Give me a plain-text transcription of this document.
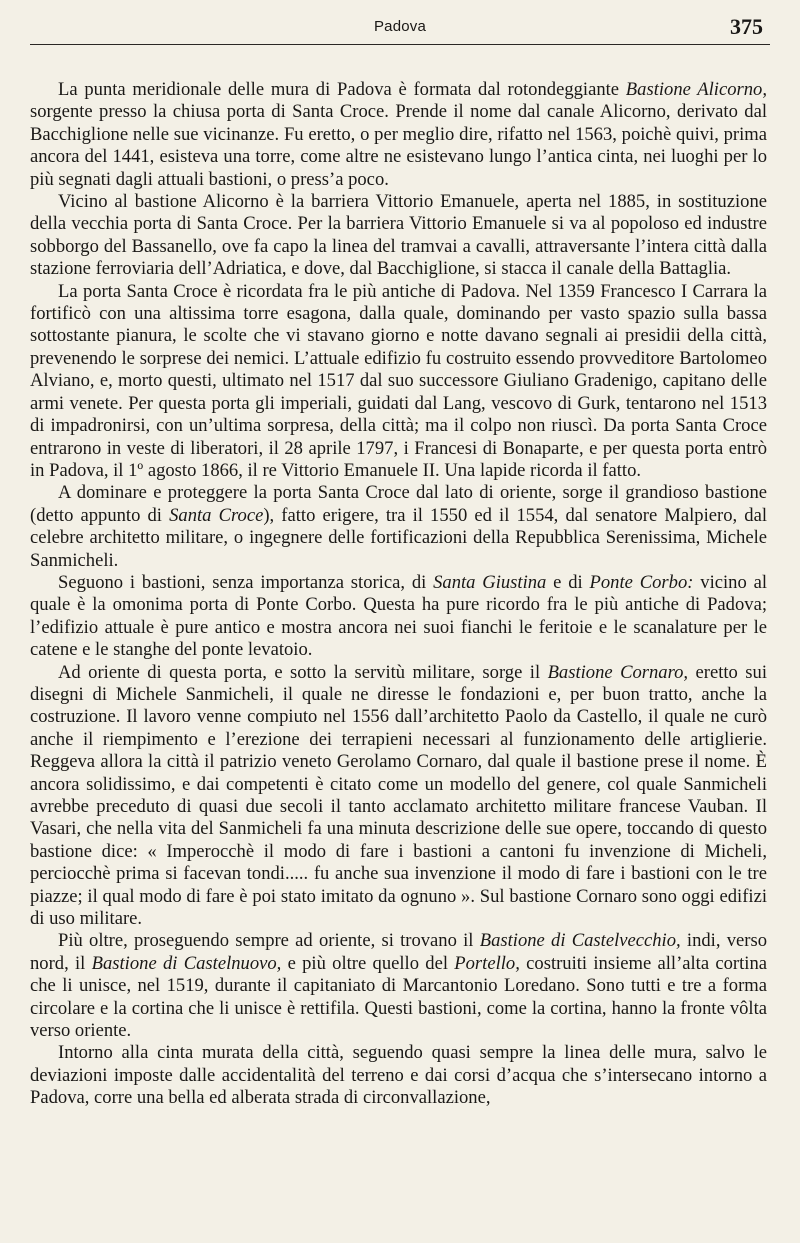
Padova	375

La punta meridionale delle mura di Padova è formata dal rotondeggiante Bastione Alicorno, sorgente presso la chiusa porta di Santa Croce. Prende il nome dal canale Alicorno, derivato dal Bacchiglione nelle sue vicinanze. Fu eretto, o per meglio dire, rifatto nel 1563, poichè quivi, prima ancora del 1441, esisteva una torre, come altre ne esistevano lungo l’antica cinta, nei luoghi per lo più segnati dagli attuali bastioni, o press’a poco.

Vicino al bastione Alicorno è la barriera Vittorio Emanuele, aperta nel 1885, in sostituzione della vecchia porta di Santa Croce. Per la barriera Vittorio Emanuele si va al popoloso ed industre sobborgo del Bassanello, ove fa capo la linea del tramvai a cavalli, attraversante l’intera città dalla stazione ferroviaria dell’Adriatica, e dove, dal Bacchiglione, si stacca il canale della Battaglia.

La porta Santa Croce è ricordata fra le più antiche di Padova. Nel 1359 Francesco I Carrara la fortificò con una altissima torre esagona, dalla quale, dominando per vasto spazio sulla bassa sottostante pianura, le scolte che vi stavano giorno e notte davano segnali ai presidii della città, prevenendo le sorprese dei nemici. L’attuale edifizio fu costruito essendo provveditore Bartolomeo Alviano, e, morto questi, ultimato nel 1517 dal suo successore Giuliano Gradenigo, capitano delle armi venete. Per questa porta gli imperiali, guidati dal Lang, vescovo di Gurk, tentarono nel 1513 di impadronirsi, con un’ultima sorpresa, della città; ma il colpo non riuscì. Da porta Santa Croce entrarono in veste di liberatori, il 28 aprile 1797, i Francesi di Bonaparte, e per questa porta entrò in Padova, il 1º agosto 1866, il re Vittorio Emanuele II. Una lapide ricorda il fatto.

A dominare e proteggere la porta Santa Croce dal lato di oriente, sorge il grandioso bastione (detto appunto di Santa Croce), fatto erigere, tra il 1550 ed il 1554, dal senatore Malpiero, dal celebre architetto militare, o ingegnere delle fortificazioni della Repubblica Serenissima, Michele Sanmicheli.

Seguono i bastioni, senza importanza storica, di Santa Giustina e di Ponte Corbo: vicino al quale è la omonima porta di Ponte Corbo. Questa ha pure ricordo fra le più antiche di Padova; l’edifizio attuale è pure antico e mostra ancora nei suoi fianchi le feritoie e le scanalature per le catene e le stanghe del ponte levatoio.

Ad oriente di questa porta, e sotto la servitù militare, sorge il Bastione Cornaro, eretto sui disegni di Michele Sanmicheli, il quale ne diresse le fondazioni e, per buon tratto, anche la costruzione. Il lavoro venne compiuto nel 1556 dall’architetto Paolo da Castello, il quale ne curò anche il riempimento e l’erezione dei terrapieni necessari al funzionamento delle artiglierie. Reggeva allora la città il patrizio veneto Gerolamo Cornaro, dal quale il bastione prese il nome. È ancora solidissimo, e dai competenti è citato come un modello del genere, col quale Sanmicheli avrebbe preceduto di quasi due secoli il tanto acclamato architetto militare francese Vauban. Il Vasari, che nella vita del Sanmicheli fa una minuta descrizione delle sue opere, toccando di questo bastione dice: « Imperocchè il modo di fare i bastioni a cantoni fu invenzione di Micheli, perciocchè prima si facevan tondi..... fu anche sua invenzione il modo di fare i bastioni con le tre piazze; il qual modo di fare è poi stato imitato da ognuno ». Sul bastione Cornaro sono oggi edifizi di uso militare.

Più oltre, proseguendo sempre ad oriente, si trovano il Bastione di Castelvecchio, indi, verso nord, il Bastione di Castelnuovo, e più oltre quello del Portello, costruiti insieme all’alta cortina che li unisce, nel 1519, durante il capitaniato di Marcantonio Loredano. Sono tutti e tre a forma circolare e la cortina che li unisce è rettifila. Questi bastioni, come la cortina, hanno la fronte vôlta verso oriente.

Intorno alla cinta murata della città, seguendo quasi sempre la linea delle mura, salvo le deviazioni imposte dalle accidentalità del terreno e dai corsi d’acqua che s’intersecano intorno a Padova, corre una bella ed alberata strada di circonvallazione,
